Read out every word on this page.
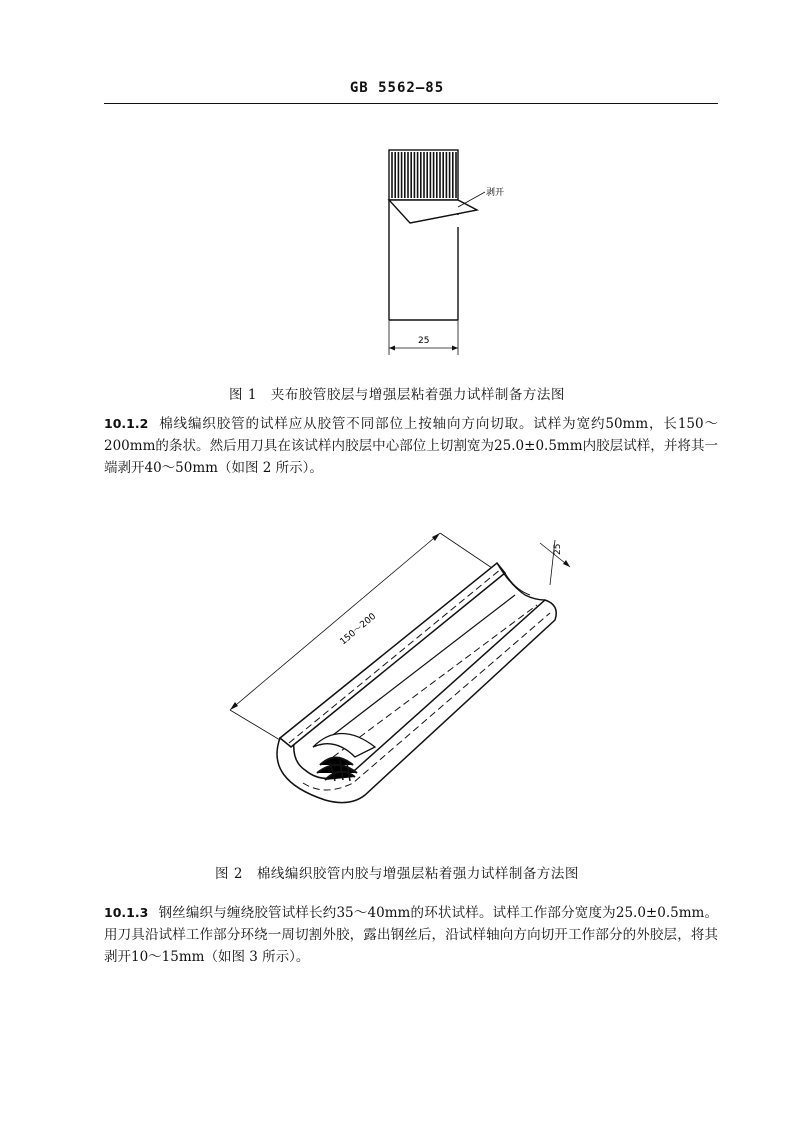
GB 5562—85
剥开
25
图 1　夹布胶管胶层与增强层粘着强力试样制备方法图
10.1.2 棉线编织胶管的试样应从胶管不同部位上按轴向方向切取。试样为宽约50mm，长150～200mm的条状。然后用刀具在该试样内胶层中心部位上切割宽为25.0±0.5mm内胶层试样，并将其一端剥开40～50mm（如图 2 所示）。
150～200
25
图 2　棉线编织胶管内胶与增强层粘着强力试样制备方法图
10.1.3 钢丝编织与缠绕胶管试样长约35～40mm的环状试样。试样工作部分宽度为25.0±0.5mm。用刀具沿试样工作部分环绕一周切割外胶，露出钢丝后，沿试样轴向方向切开工作部分的外胶层，将其剥开10～15mm（如图 3 所示）。
